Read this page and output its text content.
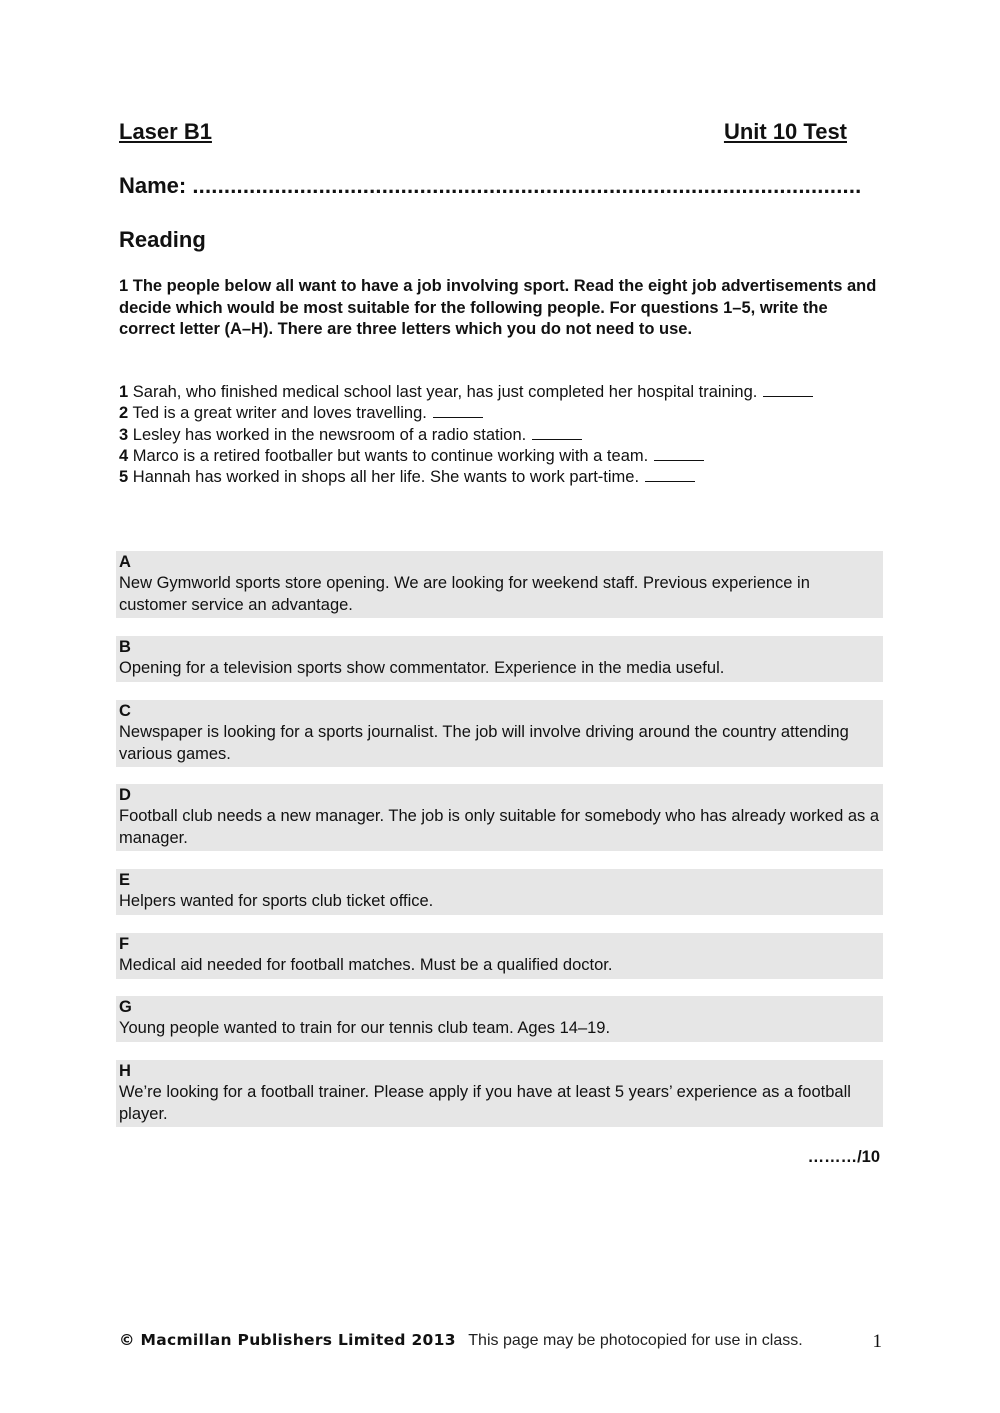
Laser B1	Unit 10 Test
Name: ..........................................................................................................
Reading
1 The people below all want to have a job involving sport. Read the eight job advertisements and decide which would be most suitable for the following people. For questions 1–5, write the correct letter (A–H). There are three letters which you do not need to use.
1 Sarah, who finished medical school last year, has just completed her hospital training.
2 Ted is a great writer and loves travelling.
3 Lesley has worked in the newsroom of a radio station.
4 Marco is a retired footballer but wants to continue working with a team.
5 Hannah has worked in shops all her life. She wants to work part-time.
A
New Gymworld sports store opening. We are looking for weekend staff. Previous experience in customer service an advantage.
B
Opening for a television sports show commentator. Experience in the media useful.
C
Newspaper is looking for a sports journalist. The job will involve driving around the country attending various games.
D
Football club needs a new manager. The job is only suitable for somebody who has already worked as a manager.
E
Helpers wanted for sports club ticket office.
F
Medical aid needed for football matches. Must be a qualified doctor.
G
Young people wanted to train for our tennis club team. Ages 14–19.
H
We’re looking for a football trainer. Please apply if you have at least 5 years’ experience as a football player.
………/10
© Macmillan Publishers Limited 2013 This page may be photocopied for use in class.	1
